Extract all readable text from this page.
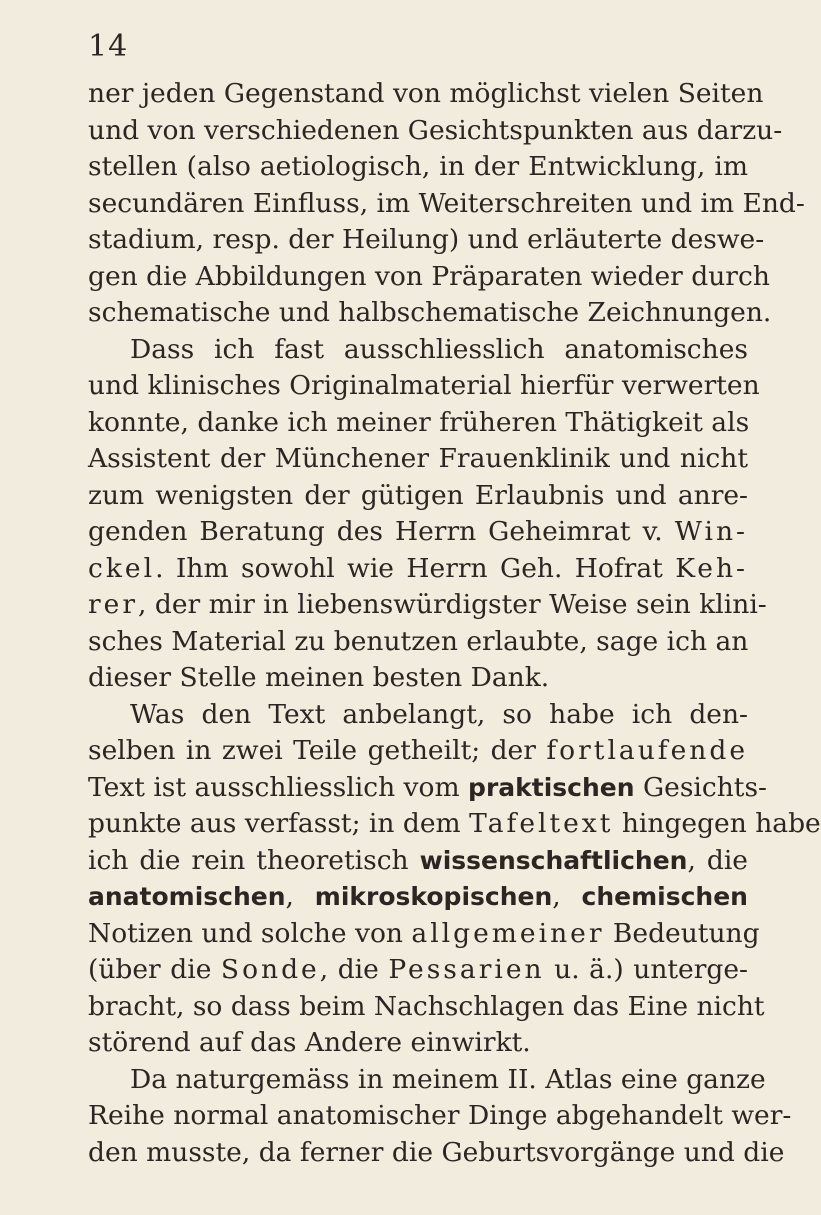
14
ner jeden Gegenstand von möglichst vielen Seiten
und von verschiedenen Gesichtspunkten aus darzu-
stellen (also aetiologisch, in der Entwicklung, im
secundären Einfluss, im Weiterschreiten und im End-
stadium, resp. der Heilung) und erläuterte deswe-
gen die Abbildungen von Präparaten wieder durch
schematische und halbschematische Zeichnungen.
Dass ich fast ausschliesslich anatomisches
und klinisches Originalmaterial hierfür verwerten
konnte, danke ich meiner früheren Thätigkeit als
Assistent der Münchener Frauenklinik und nicht
zum wenigsten der gütigen Erlaubnis und anre-
genden Beratung des Herrn Geheimrat v. Win-
ckel. Ihm sowohl wie Herrn Geh. Hofrat Keh-
rer, der mir in liebenswürdigster Weise sein klini-
sches Material zu benutzen erlaubte, sage ich an
dieser Stelle meinen besten Dank.
Was den Text anbelangt, so habe ich den-
selben in zwei Teile getheilt; der fortlaufende
Text ist ausschliesslich vom praktischen Gesichts-
punkte aus verfasst; in dem Tafeltext hingegen habe
ich die rein theoretisch wissenschaftlichen, die
anatomischen, mikroskopischen, chemischen
Notizen und solche von allgemeiner Bedeutung
(über die Sonde, die Pessarien u. ä.) unterge-
bracht, so dass beim Nachschlagen das Eine nicht
störend auf das Andere einwirkt.
Da naturgemäss in meinem II. Atlas eine ganze
Reihe normal anatomischer Dinge abgehandelt wer-
den musste, da ferner die Geburtsvorgänge und die
